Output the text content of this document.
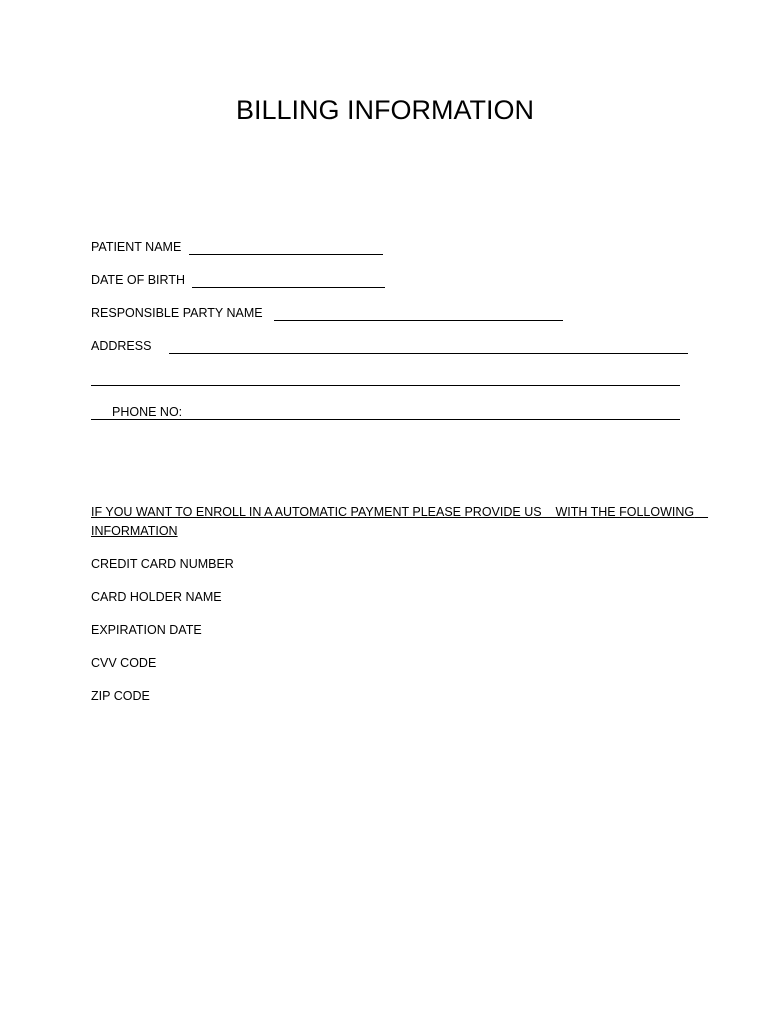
BILLING INFORMATION
PATIENT NAME
DATE OF BIRTH
RESPONSIBLE PARTY NAME
ADDRESS
PHONE NO:
IF YOU WANT TO ENROLL IN A AUTOMATIC PAYMENT PLEASE PROVIDE US    WITH THE FOLLOWING
INFORMATION
CREDIT CARD NUMBER
CARD HOLDER NAME
EXPIRATION DATE
CVV CODE
ZIP CODE
